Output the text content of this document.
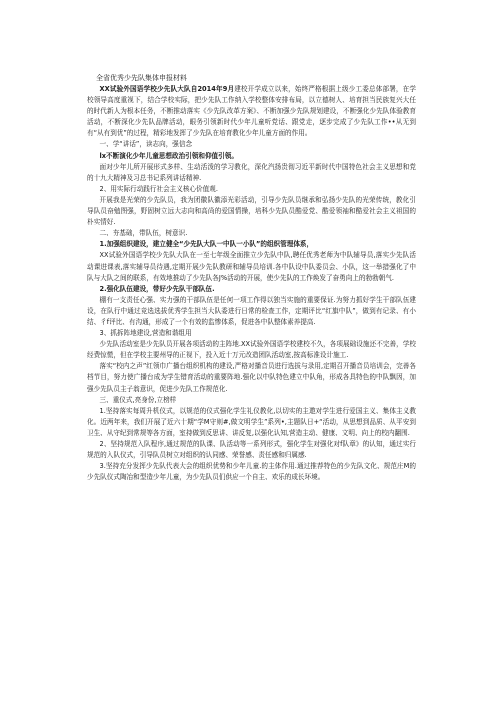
全省优秀少先队集体申报材料

XX试验外国语学校少先队大队自2014年9月建校开学成立以来，始终严格根据上级少工委总体部署，在学校领导高度重视下，结合学校实际，把少先队工作纳入学校整体安排布局，以立德树人、培育担当民族复兴大任的时代新人为根本任务，不断推动落实《少先队改革方案》、不断加强少先队规划建设，不断强化少先队体验教育活动，不断深化少先队品牌活动，眼务引领新时代少年儿童听党话、跟党走，逐步完成了少先队工作••从无到有“从有到优”的过程，精彩地发挥了少先队在培育教化少年儿童方面的作用。

一、学“讲话”，读志向，强信念

lx不断演化少年儿童思想政治引领和仰值引领。

面对少年儿所开展形式多样、生动活泼的学习教化，深化汽扬贵彻习近平新时代中国特色社会主义思想和党的十九大精神及习总书记系列讲话精神.

2、用实际行动践行社会主义核心价值观.

开展我是光荣的少先队员，我为团徽队徽添光彩活动，引导少先队员继承和弘扬少先队的光荣传统，教化引导队员奋勉图强，野固树立远大志向和高尚的爱国情操，培科少先队员酷爱党、酷爱领袖和酷爱社会主义祖国的朴实情好.

二、夯基础，带队伍，树意识.

1.加强组织建设，建立健全“少先队大队一中队一小队”的组织管理体系，

XX试验外国语学校少先队大队在一至七年级全面推立少先队中队,聘任优秀老师为中队辅导员,落实少先队活动课进课表,落实辅导员待遇,定期开展少先队教研和辅导员培训.各中队设中队委员会、小队，这一举措强化了中队与大队之间的联系，有效地推动了少先队各J%活动的开展，使少先队的工作焕发了奋勇向上的勃勃朝气.

2.强化队伍建设，带好少先队干部队伍.

棚有一支责任心强、实力强的干部队伍是任何一项工作得以独当实施的重要保证.为努力抓好学生干部队伍建设，在队行中通过竞选选拔优秀学生担当大队委进行日常的检查工作，定期评比“红旗中队”，做到有记录、有小结、彳f评比、有沟通，形成了一个有效的监惨体系，促进各中队整体素养提高.

3、抓拆阵地建设,营造和谐组用

少先队活动室是少先队员开展各项活动的主阵地.XX试验外国语学校建校不久，各项展础设施还不完善，学校经费惊慌，但在学校主要州导的正视下，投入近十万元改造团队活动室,按高标准设计施工.

落实“校内之声”红领巾广播台组织机构的建设,严格对播音员进行选拔与录用,定期召开播音员培训会，完善各档节目，努力使广播台成为学生错育活动的重要阵地.强化以中队特色建立中队角，形成各具特色的中队飘因，加强少先队员主子翁意识，促进少先队工作规范化.

三、重仪式,亮身份,立榜样

1.坚持落实每周升机仪式，以规范的仪式强化学生礼仪教化,以切实的主遨对学生进行爱国主义、集体主义教化。近两年来，我们开展了近六十期“学M守则#,做文明学生”系列•,主题队日+“活动，从思想到品质、从平安到卫生、从守纪到常规等各方面，室持做到反思讲、讲反复,以强化认知,营造主动、健康、文明、向上的校内翻围.

2、坚持规范入队程序,通过规范的队课、队活动等一系列形式，强化学生对强化对f队章》的认知，通过实行规范的入队仪式，引导队员树立对组织的认同感、荣誉感、责任感和归属感.

3.坚持充分发挥少先队代表大会的组织优势和少年儿童.的主体作用.通过推荐特色的少先队文化、规范庄M的少先队仪式陶冶和型造少年儿童，为少先队员们供应一个自主、欢乐的成长环境。
